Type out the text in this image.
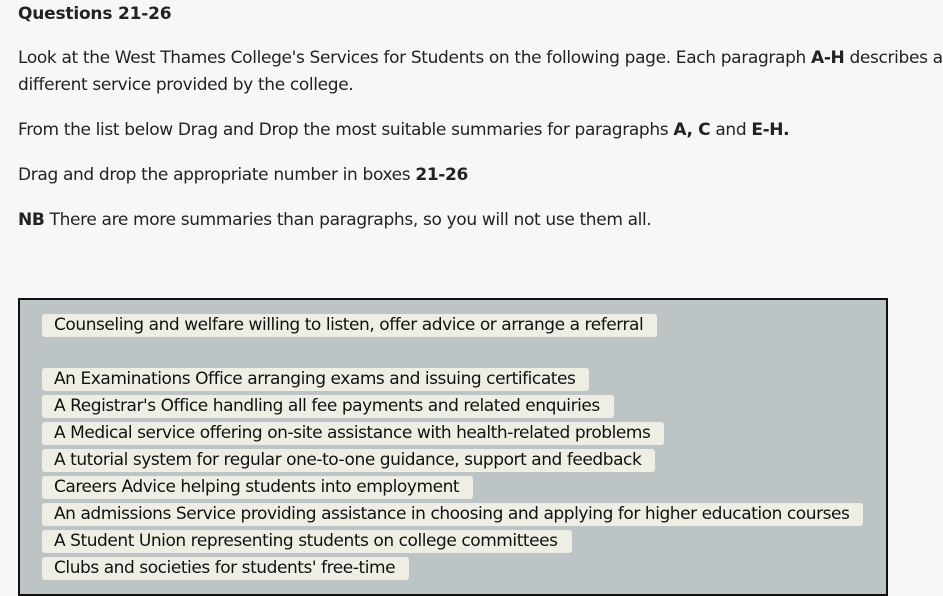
Questions 21-26
Look at the West Thames College's Services for Students on the following page. Each paragraph A-H describes a
different service provided by the college.
From the list below Drag and Drop the most suitable summaries for paragraphs A, C and E-H.
Drag and drop the appropriate number in boxes 21-26
NB There are more summaries than paragraphs, so you will not use them all.
Counseling and welfare willing to listen, offer advice or arrange a referral
An Examinations Office arranging exams and issuing certificates
A Registrar's Office handling all fee payments and related enquiries
A Medical service offering on-site assistance with health-related problems
A tutorial system for regular one-to-one guidance, support and feedback
Careers Advice helping students into employment
An admissions Service providing assistance in choosing and applying for higher education courses
A Student Union representing students on college committees
Clubs and societies for students' free-time
